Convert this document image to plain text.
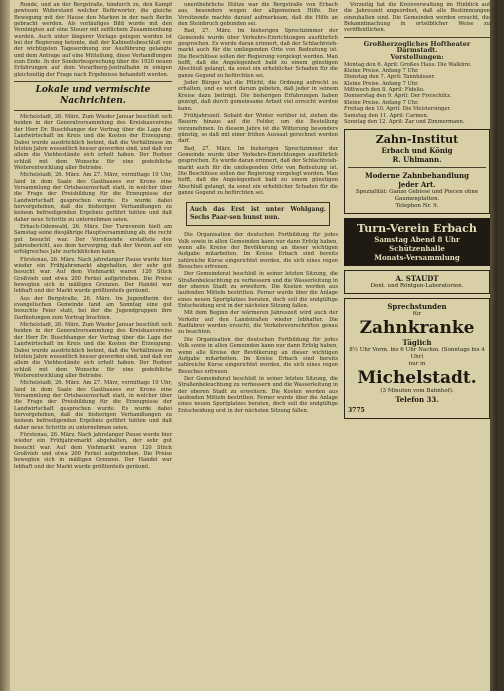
Runde, und an der Bergstraße, hindurch zu, den Kampf gewissen Widerstand welcher Befürworter, die gleiche Bewegung mit der Hause den Marken in der nach Berlin gebracht werden. Als vorläufiges Bild wurde mit den Vereinigten auf eine Steuer mit zeitlichem Zusammenhang werden. Auch unter längerer Vorlage gelegen worden ist bei der Regierung betonte, daß der Kabinettsbeschluß von der wichtigsten Tagesordnung zur Ausführung gelangte und dem Antrage auf eine Mitteilung, diese Verhandlungen zum Ende. In der Sonderbesprechung über die 1920 neuen Erfahrungen auf dem Vorarlberg-Jentralbahn in einigen gleichzeitig der Frage nach Ergebnisse behandelt werden.

Lokale und vermischte Nachrichten.

Michelstadt, 26. März. Zum Wieder Januar beschloß sich beiden in der Generalversammlung des Kreisbauvereins der Herr Dr. Buschhanger der Vortrag über die Lage der Landwirtschaft im Kreis und die Kosten der Erzeugung. Dabei wurde ausdrücklich betont, daß die Verhältnisse im letzten Jahre wesentlich besser geworden sind, und daß vor allem die Viehbestände sich erholt haben. Der Redner schloß mit dem Wunsche für eine gedeihliche Weiterentwicklung aller Betriebe.

Michelstadt, 26. März. Am 27. März, vormittags 10 Uhr, fand in dem Saale des Gasthauses zur Krone eine Versammlung der Ortsbauernschaft statt, in welcher über die Frage der Preisbildung für die Erzeugnisse der Landwirtschaft gesprochen wurde. Es wurde dabei hervorgehoben, daß die bisherigen Verhandlungen zu keinem befriedigenden Ergebnis geführt hätten und daß daher neue Schritte zu unternehmen seien.

Erbach-Odenwald, 26. März. Der Turnverein hielt am Samstag seine diesjährige Hauptversammlung ab, die recht gut besucht war. Der Vorsitzende erstattete den Jahresbericht, aus dem hervorging, daß der Verein auf ein erfolgreiches Jahr zurückblicken kann.

Fürstenau, 26. März. Nach jahrelanger Pause wurde hier wieder ein Frühjahrsmarkt abgehalten, der sehr gut besucht war. Auf dem Viehmarkt waren 120 Stück Großvieh und etwa 200 Ferkel aufgetrieben. Die Preise bewegten sich in mäßigen Grenzen. Der Handel war lebhaft und der Markt wurde größtenteils geräumt.

Aus der Bergstraße, 26. März. Im Jugendheim der evangelischen Gemeinde fand am Sonntag eine gut besuchte Feier statt, bei der die Jugendgruppen ihre Darbietungen zum Vortrag brachten.

Michelstadt, 26. März. Zum Wieder Januar beschloß sich beiden in der Generalversammlung des Kreisbauvereins der Herr Dr. Buschhanger der Vortrag über die Lage der Landwirtschaft im Kreis und die Kosten der Erzeugung. Dabei wurde ausdrücklich betont, daß die Verhältnisse im letzten Jahre wesentlich besser geworden sind, und daß vor allem die Viehbestände sich erholt haben. Der Redner schloß mit dem Wunsche für eine gedeihliche Weiterentwicklung aller Betriebe.

Michelstadt, 26. März. Am 27. März, vormittags 10 Uhr, fand in dem Saale des Gasthauses zur Krone eine Versammlung der Ortsbauernschaft statt, in welcher über die Frage der Preisbildung für die Erzeugnisse der Landwirtschaft gesprochen wurde. Es wurde dabei hervorgehoben, daß die bisherigen Verhandlungen zu keinem befriedigenden Ergebnis geführt hätten und daß daher neue Schritte zu unternehmen seien.

Fürstenau, 26. März. Nach jahrelanger Pause wurde hier wieder ein Frühjahrsmarkt abgehalten, der sehr gut besucht war. Auf dem Viehmarkt waren 120 Stück Großvieh und etwa 200 Ferkel aufgetrieben. Die Preise bewegten sich in mäßigen Grenzen. Der Handel war lebhaft und der Markt wurde größtenteils geräumt.

unentbehrliche Stütze war die Bergstraße von Erbach aus, besonders wegen der allgemeinen Hilfe. Der Vorsitzende machte darauf aufmerksam, daß die Hilfe an den Steinbruch gebunden sei.

Bad, 27. März. Im bisherigen Sprechzimmer der Gemeinde wurde über Verkehrs-Einrichtungen ausführlich gesprochen. Es wurde daran erinnert, daß der Schlachtvieh-markt auch für die umliegenden Orte von Bedeutung ist. Die Beschlüsse sollen der Regierung vorgelegt werden. Man hofft, daß die Angelegenheit bald zu einem günstigen Abschluß gelangt, da sonst ein erheblicher Schaden für die ganze Gegend zu befürchten sei.

Jeder Bürger hat die Pflicht, die Ordnung aufrecht zu erhalten, und es wird darum gebeten, daß jeder in seinem Kreise dazu beiträgt. Die bisherigen Erfahrungen haben gezeigt, daß durch gemeinsame Arbeit viel erreicht werden kann.

Frühjahrszeit. Sobald der Winter vorüber ist, ziehen die Bauern hinaus auf die Felder, um die Bestellung vorzunehmen. In diesem Jahre ist die Witterung besonders günstig, so daß mit einer frühen Aussaat gerechnet werden darf.

Bad, 27. März. Im bisherigen Sprechzimmer der Gemeinde wurde über Verkehrs-Einrichtungen ausführlich gesprochen. Es wurde daran erinnert, daß der Schlachtvieh-markt auch für die umliegenden Orte von Bedeutung ist. Die Beschlüsse sollen der Regierung vorgelegt werden. Man hofft, daß die Angelegenheit bald zu einem günstigen Abschluß gelangt, da sonst ein erheblicher Schaden für die ganze Gegend zu befürchten sei.

Auch das Erst ist unter Wohlgang. Sechs Paar-sen hunst nun.

Die Organisation der deutschen Fortbildung für jedes Volk sowie in allen Gemeinden kann nur dann Erfolg haben, wenn alle Kreise der Bevölkerung an dieser wichtigen Aufgabe mitarbeiten. Im Kreise Erbach sind bereits zahlreiche Kurse eingerichtet worden, die sich eines regen Besuches erfreuen.

Der Gemeinderat beschloß in seiner letzten Sitzung, die Straßenbeleuchtung zu verbessern und die Wasserleitung in der oberen Stadt zu erweitern. Die Kosten werden aus laufenden Mitteln bestritten. Ferner wurde über die Anlage eines neuen Sportplatzes beraten, doch soll die endgültige Entscheidung erst in der nächsten Sitzung fallen.

Mit dem Beginn der wärmeren Jahreszeit wird auch der Verkehr auf den Landstraßen wieder lebhafter. Die Radfahrer werden ersucht, die Verkehrsvorschriften genau zu beachten.

Die Organisation der deutschen Fortbildung für jedes Volk sowie in allen Gemeinden kann nur dann Erfolg haben, wenn alle Kreise der Bevölkerung an dieser wichtigen Aufgabe mitarbeiten. Im Kreise Erbach sind bereits zahlreiche Kurse eingerichtet worden, die sich eines regen Besuches erfreuen.

Der Gemeinderat beschloß in seiner letzten Sitzung, die Straßenbeleuchtung zu verbessern und die Wasserleitung in der oberen Stadt zu erweitern. Die Kosten werden aus laufenden Mitteln bestritten. Ferner wurde über die Anlage eines neuen Sportplatzes beraten, doch soll die endgültige Entscheidung erst in der nächsten Sitzung fallen.

Vorzeitig hat die Kreisverwaltung im Hinblick auf die Jahreszeit angeordnet, daß alle Bestimmungen einzuhalten sind. Die Gemeinden werden ersucht, die Bekanntmachung in ortsüblicher Weise zu veröffentlichen.

Großherzogliches Hoftheater Darmstadt.
Vorstellungen:
Montag den 6. April: Großes Haus: Die Walküre.
Kleine Preise. Anfang 7 Uhr.
Dienstag den 7. April: Tannhäuser.
Kleine Preise. Anfang 7 Uhr.
Mittwoch den 8. April: Fidelio.
Donnerstag den 9. April: Der Freischütz.
Kleine Preise. Anfang 7 Uhr.
Freitag den 10. April: Die Meistersinger.
Samstag den 11. April: Carmen.
Sonntag den 12. April: Zar und Zimmermann.
Zahn-Institut
Erbach und König
R. Uhlmann.
Moderne Zahnbehandlung
jeder Art.
Spezialität: Ganze Gebisse und Piecen ohne Gaumenplatten.
Telephon Nr. 9.
Turn-Verein Erbach
Samstag Abend 8 Uhr
Schützenhalle
Monats-Versammlung
A. STAUDT
Dent. und Röntgen-Laboratorien.
Sprechstunden
für
Zahnkranke
Täglich
8½ Uhr Vorm. bis 6 Uhr Nachm. (Sonntags bis 4 Uhr)
nur in
Michelstadt.
(3 Minuten vom Bahnhof).
Telefon 33.
3775
